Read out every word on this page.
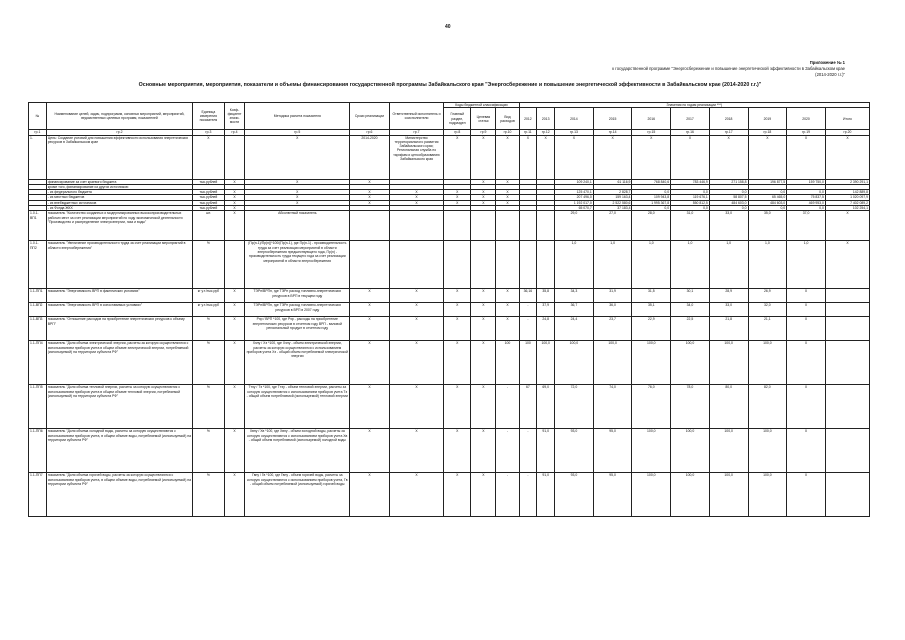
40
Приложение № 1
к государственной программе "Энергосбережение и повышение энергетической эффективности в Забайкальском крае (2014-2020 г.г.)"
Основные мероприятия, мероприятия, показатели и объемы финансирования государственной программы Забайкальского края "Энергосбережение и повышение энергетической эффективности в Забайкальском крае (2014-2020 г.г.)"
№	Наименование целей, задач, подпрограмм, основных мероприятий, мероприятий, ведомственных целевых программ, показателей	Единица измерения показателя	Коэф-фициент значи-мости	Методика расчета показателя	Сроки реализации	Ответственный исполнитель и соисполнители	Коды бюджетной классификации			Значения по годам реализации ***)									
							Главный раздел, подраздел	Целевая статья	Вид расходов	2012	2013	2014	2015	2016	2017	2018	2019	2020	Итого
гр.1	гр.2	гр.3	гр.4	гр.5	гр.6	гр.7	гр.8	гр.9	гр.10	гр.11	гр.12	гр.13	гр.14	гр.15	гр.16	гр.17	гр.18	гр.19	гр.20
1.	Цель: Создание условий для повышения эффективности использования энергетических ресурсов в Забайкальском крае	Х		Х	2014-2020	Министерство территориального развития Забайкальского края; Региональная служба по тарифам и ценообразованию Забайкальского края	Х	Х	Х	Х	Х	Х	Х	Х	Х	Х	Х	Х	Х
	финансирование за счет краевого бюджета	тыс.рублей	Х	Х	Х			Х	Х			109 240,1	61 116,9	768 840,6	783 446,9	271 158,8	196 877,5	159 750,0	2 390 291,1
	кроме того, финансирование из других источников:																		
	- из федерального бюджета	тыс.рублей	Х	Х	Х	Х	Х	Х	Х			125 470,1	2 828,7	0,0	0,0	0,0	0,0	0,0	142 889,8
	- из местных бюджетов	тыс.рублей	Х	Х	Х	Х	Х	Х	Х			207 496,0	159 163,4	109 943,8	119 676,1	58 807,5	65 465,0	75 837,5	1 020 097,9
	- из внебюджетных источников	тыс.рублей	Х	Х	Х	Х	Х	Х	Х			1 192 017,0	2 522 580,6	1 995 367,8	550 812,5	484 603,0	484 603,0	469 953,0	7 402 089,2
	- из Фонда ЖКХ	тыс.рублей	Х									65 070,7	37 183,4	0,0	0,0	0,0	0,0	0,0	102 254,1
1.0.1-ВП1	показатель "Количество созданных и модернизированных высокопроизводительных рабочих мест за счет реализации мероприятий по ходу экономической деятельности "Производство и распределение электроэнергии, газа и воды"	шт.	Х	Абсолютный показатель								29,0	27,0	28,0	31,0	33,0	35,0	37,0	Х
1.0.1-ПП2	показатель "Увеличение производительности труда за счет реализации мероприятий в области энергосбережения"	%		(Пр(n-1)/Пр(n))*100/(Пр(n-1), где Пр(n-1) - производительность труда за счет реализации мероприятий в области энергосбережения предшествующего года, Пр(n) - производительность труда текущего года за счет реализации мероприятий в области энергосбережения								1,0	1,0	1,0	1,0	1,0	1,0	1,0	Х
1.1-ПП1	показатель "Энергоемкость ВРП в фактических условиях"	кг у.т./тыс.руб	Х	ТЭРн/ВРПн, где ТЭРн расход топливно-энергетических ресурсов в ВРП в текущем году	Х	Х	Х	Х	Х	36,16	35,8	34,3	31,9	31,5	30,1	28,9	26,9	Х	
1.1-ВП2	показатель "Энергоемкость ВРП в сопоставимых условиях"	кг у.т./тыс.руб	Х	ТЭРн/ВРПн, где ТЭРн расход топливно-энергетических ресурсов в ВРП в 2007 году	Х	Х	Х	Х	Х	-	37,9	36,7	36,0	35,1	34,0	33,0	32,0	Х	
1.1-ВП3	показатель "Отношение расходов на приобретение энергетических ресурсов к объему ВРП"	%	Х	Рэр / ВРП *100, где Рэр - расходы на приобретение энергетических ресурсов в отчетном году ВРП - валовой региональный продукт в отчетном году	Х	Х	Х	Х	Х	-	24,8	24,4	23,7	22,9	22,5	21,8	21,1	Х	
1.1-ПП4	показатель "Доля объема электрической энергии, расчеты за которую осуществляются с использованием приборов учета в общем объеме электрической энергии, потребляемой (используемой) на территории субъекта РФ"	%	Х	Хэлу / Хэ *100, где Хэлу - объем электрической энергии, расчеты за которую осуществляются с использованием приборов учета Хэ - общий объем потребляемой электрической энергии	Х	Х	Х	Х	100	100	100,0	100,0	100,0	100,0	100,0	100,0	100,0	Х	
1.1-ПП5	показатель "Доля объема тепловой энергии, расчеты за которую осуществляются с использованием приборов учета в общем объеме тепловой энергии, потребляемой (используемой) на территории субъекта РФ"	%	Х	Ттэу / Тэ *100, где Ттэу - объем тепловой энергии, расчеты за которую осуществляются с использованием приборов учета Тэ - общий объем потребляемой (используемой) тепловой энергии	Х	Х	Х	Х	-	67	69,0	72,0	74,0	76,0	78,0	80,0	82,0	Х	
1.1-ПП6	показатель "Доля объема холодной воды, расчеты за которую осуществляются с использованием приборов учета, в общем объеме воды, потребляемой (используемой) на территории субъекта РФ"	%	Х	Хвпу / Хв *100, где Хвпу - объем холодной воды, расчеты за которую осуществляются с использованием приборов учета Хв - общий объем потребляемой (используемой) холодной воды	Х	Х	Х	Х	-	-	91,0	93,0	95,0	100,0	100,0	100,0	100,0	Х	
1.1-ПП7	показатель "Доля объема горячей воды, расчеты за которую осуществляются с использованием приборов учета, в общем объеме воды, потребляемой (используемой) на территории субъекта РФ"	%	Х	Гвпу / Гв *100, где Гвпу - объем горячей воды, расчеты за которую осуществляются с использованием приборов учета, Гв - общий объем потребляемой (используемой) горячей воды	Х	Х	Х	Х	-	-	91,0	93,0	95,0	100,0	100,0	100,0	100,0	Х	
